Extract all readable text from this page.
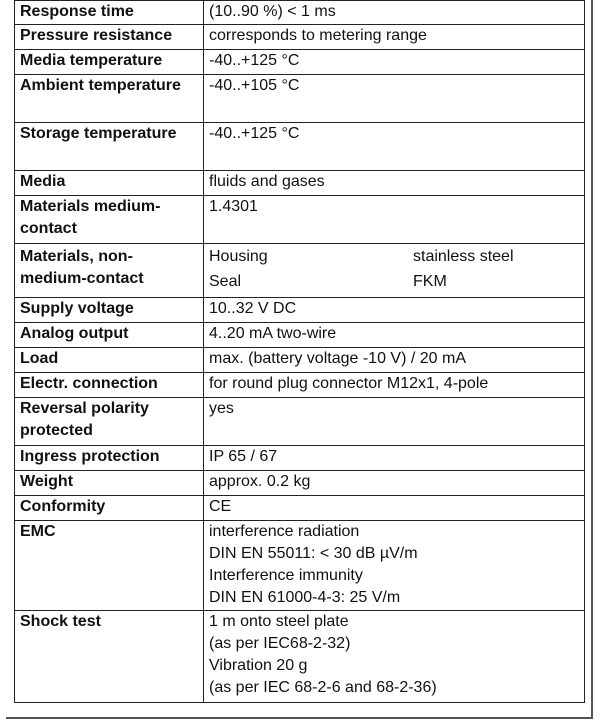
Response time	(10..90 %) < 1 ms
Pressure resistance	corresponds to metering range
Media temperature	-40..+125 °C
Ambient temperature	-40..+105 °C
Storage temperature	-40..+125 °C
Media	fluids and gases
Materials medium-contact	1.4301
Materials, non-medium-contact	Housing stainless steel
Seal FKM

Supply voltage	10..32 V DC
Analog output	4..20 mA two-wire
Load	max. (battery voltage -10 V) / 20 mA
Electr. connection	for round plug connector M12x1, 4-pole
Reversal polarity protected	yes
Ingress protection	IP 65 / 67
Weight	approx. 0.2 kg
Conformity	CE
EMC	interference radiation
DIN EN 55011: < 30 dB µV/m
Interference immunity
DIN EN 61000-4-3: 25 V/m

Shock test	1 m onto steel plate
(as per IEC68-2-32)
Vibration 20 g
(as per IEC 68-2-6 and 68-2-36)
